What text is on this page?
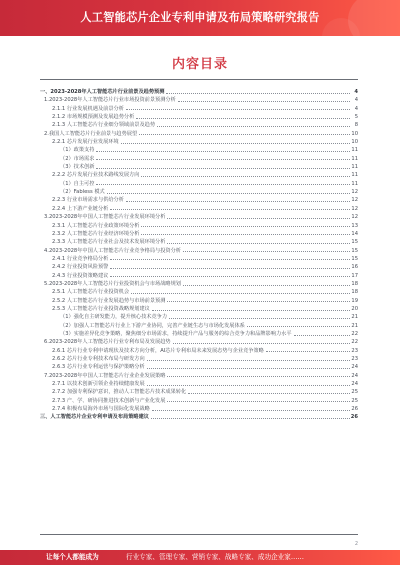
人工智能芯片企业专利申请及布局策略研究报告
内容目录
一、2023-2028年人工智能芯片行业前景及趋势预测	4
1.2023-2028年人工智能芯片行业市场投资前景预测分析	4
2.1.1 行业发展机遇及前景分析	4
2.1.2 市场规模预测及发展趋势分析	5
2.1.3 人工智能芯片行业细分领域前景及趋势	8
2.我国人工智能芯片行业前景与趋势展望	10
2.2.1 芯片发展行业发展环境	10
（1）政策支持	11
（2）市场需求	11
（3）技术创新	11
2.2.2 芯片发展行业技术路线发展方向	11
（1）自主可控	11
（2）Fabless 模式	12
2.2.3 行业市场需求与供给分析	12
2.2.4 上下游产业链分析	12
3.2023-2028年中国人工智能芯片行业发展环境分析	12
2.3.1 人工智能芯片行业政策环境分析	13
2.3.2 人工智能芯片行业经济环境分析	14
2.3.3 人工智能芯片行业社会及技术发展环境分析	15
4.2023-2028年中国人工智能芯片行业竞争格局与投资分析	15
2.4.1 行业竞争格局分析	15
2.4.2 行业投资风险预警	16
2.4.3 行业投资策略建议	17
5.2023-2028年人工智能芯片行业投资机会与市场战略规划	18
2.5.1 人工智能芯片行业投资机会	18
2.5.2 人工智能芯片行业发展趋势与市场前景预测	19
2.5.3 人工智能芯片行业投资战略规划建议	20
（1）强化自主研发能力，提升核心技术竞争力	21
（2）加强人工智能芯片行业上下游产业协同，完善产业链生态与市场化发展体系	21
（3）实施差异化竞争策略，聚焦细分市场需求，持续提升产品与服务的综合竞争力和品牌影响力水平	22
6.2023-2028年人工智能芯片行业专利布局及发展趋势	22
2.6.1 芯片行业专利申请现状及技术方向分析，AI芯片专利布局未来发展态势与企业竞争策略	23
2.6.2 芯片行业专利技术布局与研发方向	23
2.6.3 芯片行业专利运营与保护策略分析	24
7.2023-2028年中国人工智能芯片行业企业发展策略	24
2.7.1 以技术创新引领企业持续健康发展	24
2.7.2 加强专利保护意识，推动人工智能芯片技术成果转化	25
2.7.3 产、学、研协同推进技术创新与产业化发展	25
2.7.4 积极布局海外市场与国际化发展战略	26
三、人工智能芯片企业专利申请及布局策略建议	26
2
让每个人都能成为	行业专家、管理专家、营销专家、战略专家、成功企业家……
